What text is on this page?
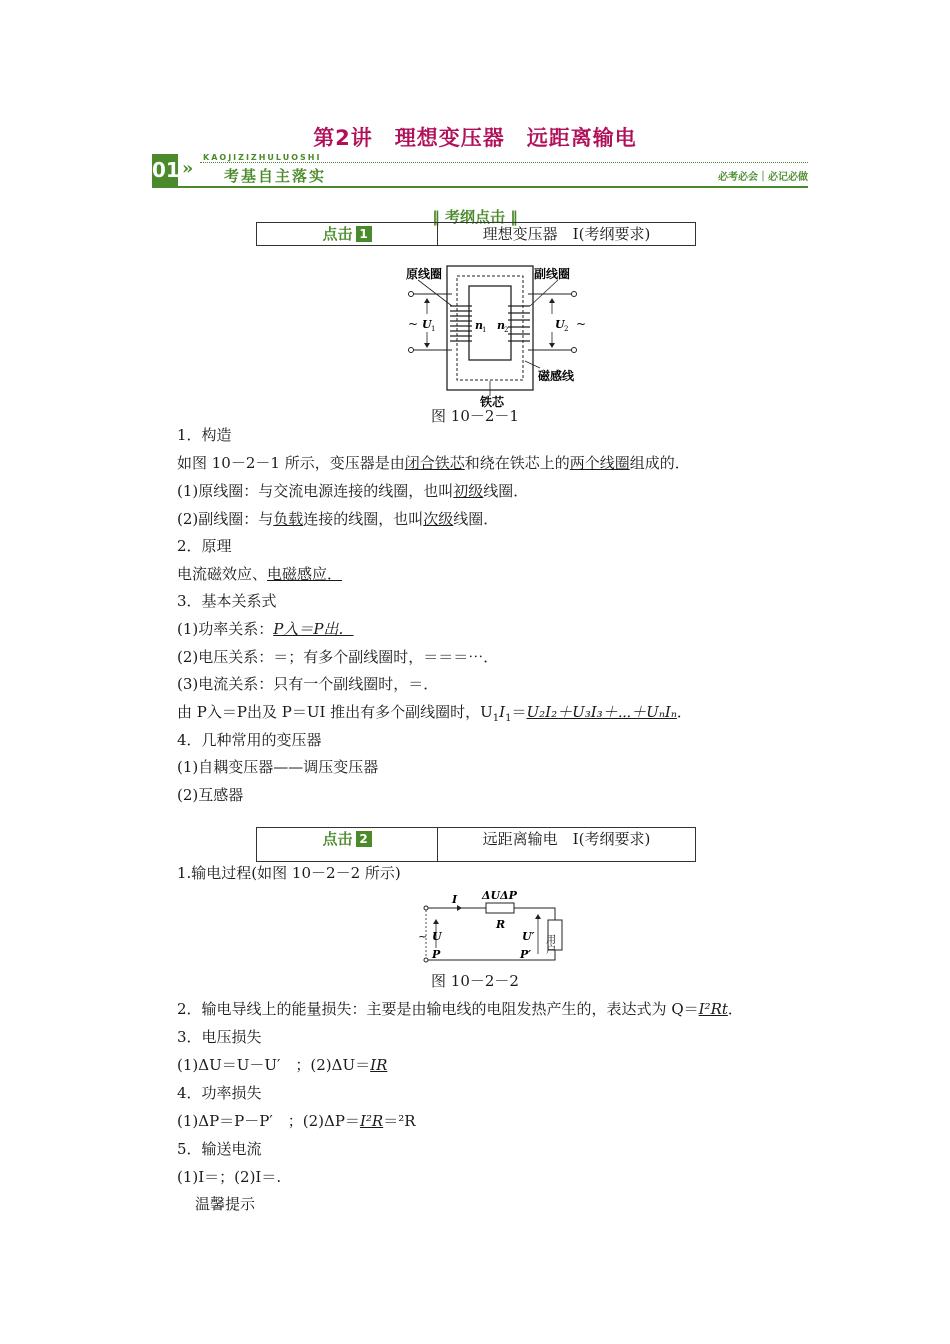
第2讲　理想变压器　远距离输电
01 »
KAOJIZIZHULUOSHI
考基自主落实	必考必会｜必记必做
‖ 考纲点击 ‖
点击 1	理想变压器　Ⅰ(考纲要求)
原线圈	副线圈
磁感线
铁芯
~ U 1	U 2 ~
n 1 n 2
图 10－2－1
1．构造
如图 10－2－1 所示，变压器是由闭合铁芯和绕在铁芯上的两个线圈组成的．
(1)原线圈：与交流电源连接的线圈，也叫初级线圈．
(2)副线圈：与负载连接的线圈，也叫次级线圈．
2．原理
电流磁效应、电磁感应．
3．基本关系式
(1)功率关系：P入＝P出．
(2)电压关系：＝；有多个副线圈时，＝＝＝⋯．
(3)电流关系：只有一个副线圈时，＝．
由 P入＝P出及 P＝UI 推出有多个副线圈时，$U_1I_1=U_2I_2+U_3I_3+\cdots+U_nI_n$．
4．几种常用的变压器
(1)自耦变压器——调压变压器
(2)互感器
点击 2	远距离输电　Ⅰ(考纲要求)
1.输电过程(如图 10－2－2 所示)
I ΔUΔP
R
~ U
P
U′
P′
用户
图 10－2－2
2．输电导线上的能量损失：主要是由输电线的电阻发热产生的，表达式为 Q＝I²Rt．
3．电压损失
(1)ΔU＝U－U′　；(2)ΔU＝IR
4．功率损失
(1)ΔP＝P－P′　；(2)ΔP＝I²R＝²R
5．输送电流
(1)I＝；(2)I＝.
温馨提示
